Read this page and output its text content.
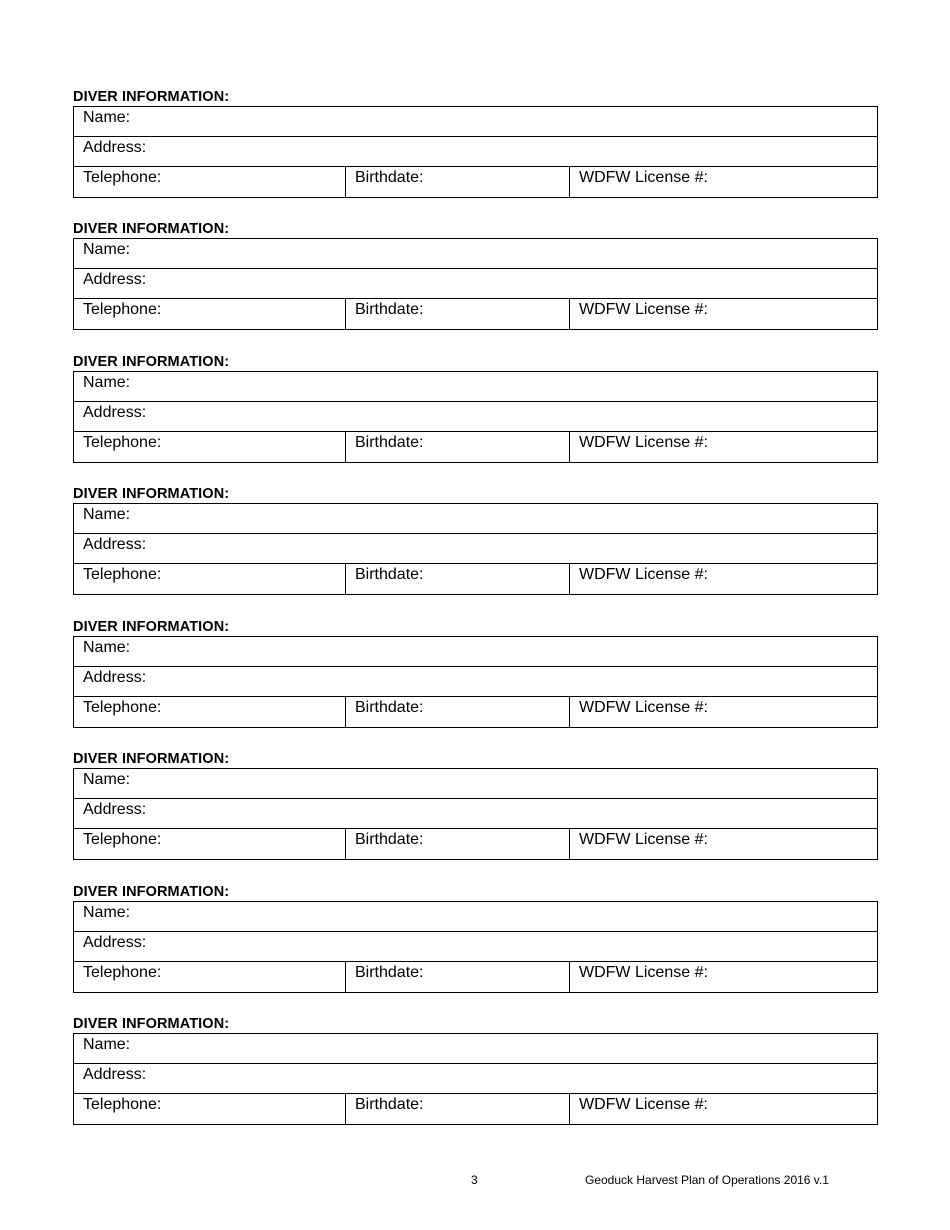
DIVER INFORMATION:
Name:
Address:
Telephone:	Birthdate:	WDFW License #:
DIVER INFORMATION:
Name:
Address:
Telephone:	Birthdate:	WDFW License #:
DIVER INFORMATION:
Name:
Address:
Telephone:	Birthdate:	WDFW License #:
DIVER INFORMATION:
Name:
Address:
Telephone:	Birthdate:	WDFW License #:
DIVER INFORMATION:
Name:
Address:
Telephone:	Birthdate:	WDFW License #:
DIVER INFORMATION:
Name:
Address:
Telephone:	Birthdate:	WDFW License #:
DIVER INFORMATION:
Name:
Address:
Telephone:	Birthdate:	WDFW License #:
DIVER INFORMATION:
Name:
Address:
Telephone:	Birthdate:	WDFW License #:
3	Geoduck Harvest Plan of Operations 2016 v.1
